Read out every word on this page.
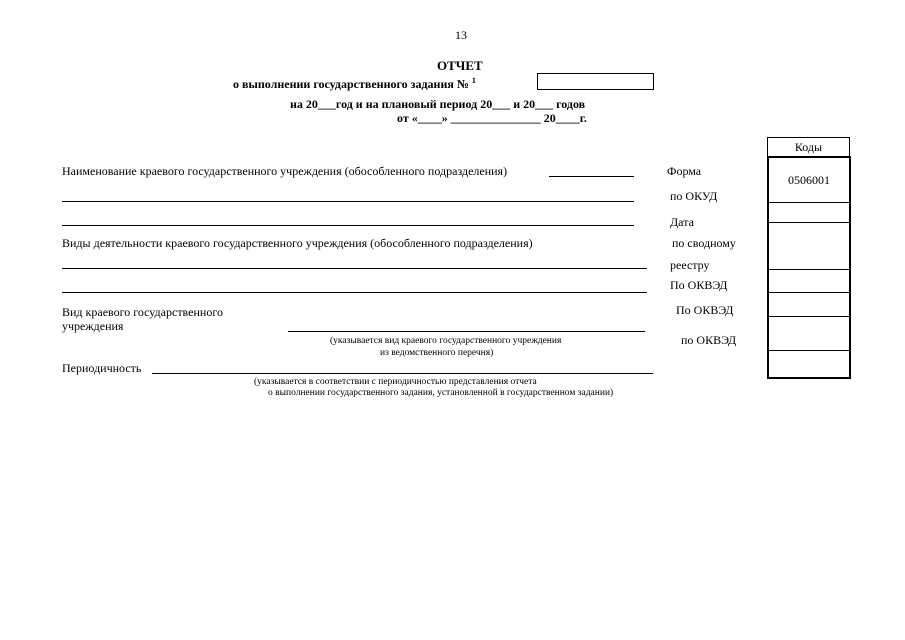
13
ОТЧЕТ
о выполнении государственного задания № $^1$
на 20___год и на плановый период 20___ и 20___ годов
от «____» _______________ 20____г.
Наименование краевого государственного учреждения (обособленного подразделения)
Виды деятельности краевого государственного учреждения (обособленного подразделения)
Вид краевого государственного
учреждения
(указывается вид краевого государственного учреждения
из ведомственного перечня)
Периодичность
(указывается в соответствии с периодичностью представления отчета
о выполнении государственного задания, установленной в государственном задании)
Форма
по ОКУД
Дата
по сводному
реестру
По ОКВЭД
По ОКВЭД
по ОКВЭД
Коды
0506001
